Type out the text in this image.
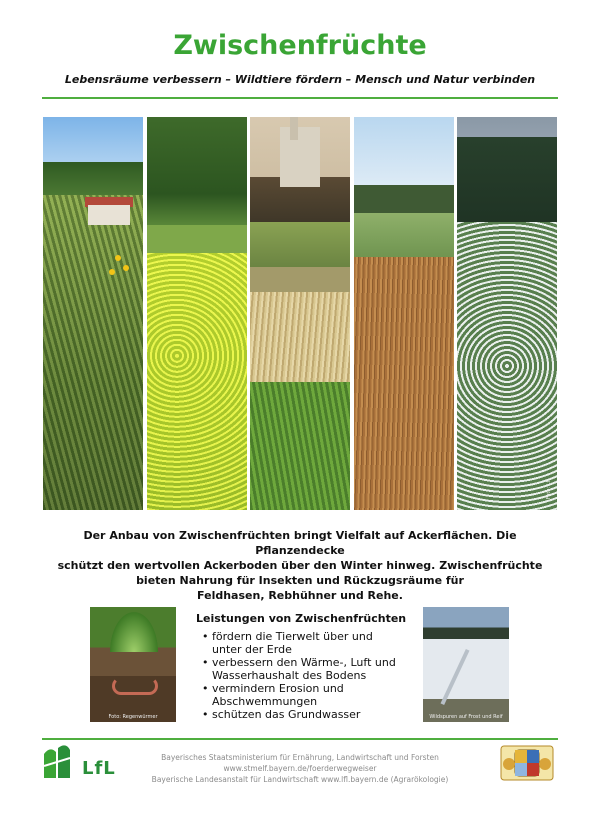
Zwischenfrüchte
Lebensräume verbessern – Wildtiere fördern – Mensch und Natur verbinden
Foto: LfL
Der Anbau von Zwischenfrüchten bringt Vielfalt auf Ackerflächen. Die Pflanzendecke
schützt den wertvollen Ackerboden über den Winter hinweg. Zwischenfrüchte
bieten Nahrung für Insekten und Rückzugsräume für
Feldhasen, Rebhühner und Rehe.
Foto: Regenwürmer
Leistungen von Zwischenfrüchten
• fördern die Tierwelt über und
unter der Erde
• verbessern den Wärme-, Luft und
Wasserhaushalt des Bodens
• vermindern Erosion und
Abschwemmungen
• schützen das Grundwasser	Wildspuren auf Frost und Reif
LfL
Bayerisches Staatsministerium für Ernährung, Landwirtschaft und Forsten
www.stmelf.bayern.de/foerderwegweiser
Bayerische Landesanstalt für Landwirtschaft www.lfl.bayern.de (Agrarökologie)
